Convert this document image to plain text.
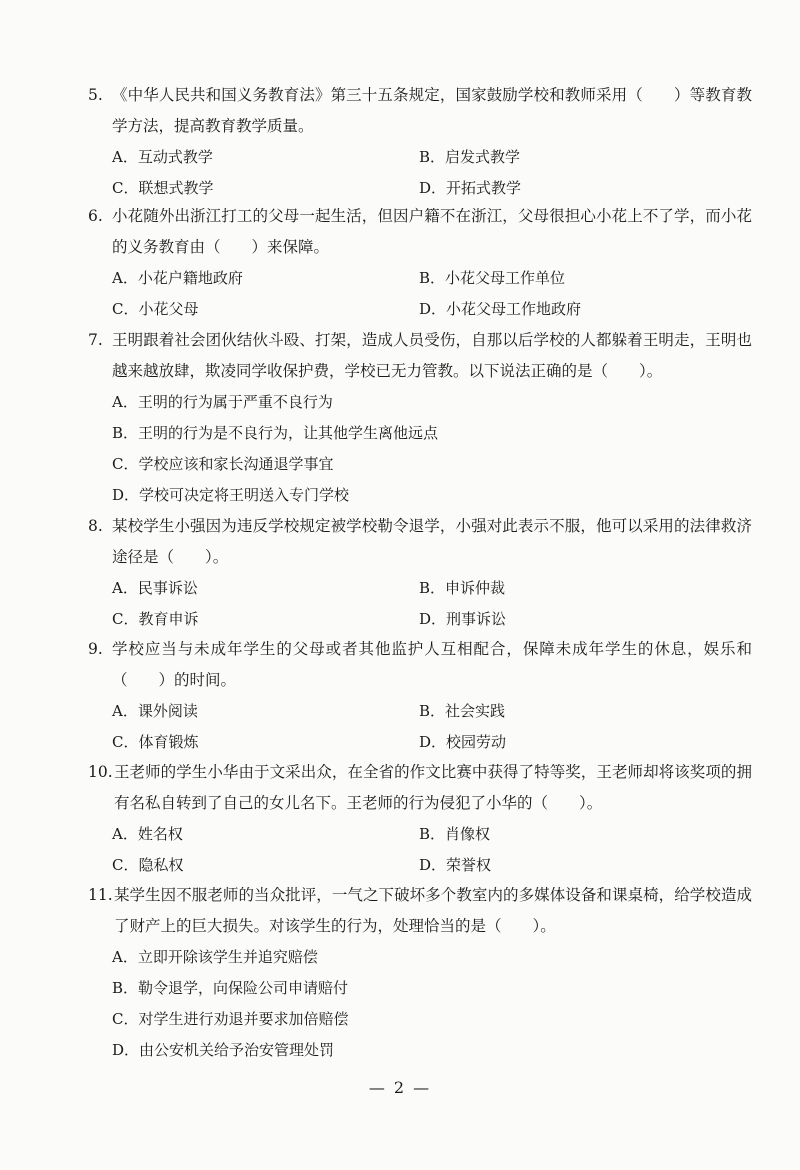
5. 《中华人民共和国义务教育法》第三十五条规定，国家鼓励学校和教师采用（　　）等教育教学方法，提高教育教学质量。
A．互动式教学	B．启发式教学
C．联想式教学	D．开拓式教学
6. 小花随外出浙江打工的父母一起生活，但因户籍不在浙江，父母很担心小花上不了学，而小花的义务教育由（　　）来保障。
A．小花户籍地政府	B．小花父母工作单位
C．小花父母	D．小花父母工作地政府
7. 王明跟着社会团伙结伙斗殴、打架，造成人员受伤，自那以后学校的人都躲着王明走，王明也越来越放肆，欺凌同学收保护费，学校已无力管教。以下说法正确的是（　　）。
A．王明的行为属于严重不良行为
B．王明的行为是不良行为，让其他学生离他远点
C．学校应该和家长沟通退学事宜
D．学校可决定将王明送入专门学校
8. 某校学生小强因为违反学校规定被学校勒令退学，小强对此表示不服，他可以采用的法律救济途径是（　　）。
A．民事诉讼	B．申诉仲裁
C．教育申诉	D．刑事诉讼
9. 学校应当与未成年学生的父母或者其他监护人互相配合，保障未成年学生的休息，娱乐和（　　）的时间。
A．课外阅读	B．社会实践
C．体育锻炼	D．校园劳动
10. 王老师的学生小华由于文采出众，在全省的作文比赛中获得了特等奖，王老师却将该奖项的拥有名私自转到了自己的女儿名下。王老师的行为侵犯了小华的（　　）。
A．姓名权	B．肖像权
C．隐私权	D．荣誉权
11. 某学生因不服老师的当众批评，一气之下破坏多个教室内的多媒体设备和课桌椅，给学校造成了财产上的巨大损失。对该学生的行为，处理恰当的是（　　）。
A．立即开除该学生并追究赔偿
B．勒令退学，向保险公司申请赔付
C．对学生进行劝退并要求加倍赔偿
D．由公安机关给予治安管理处罚
— 2 —
